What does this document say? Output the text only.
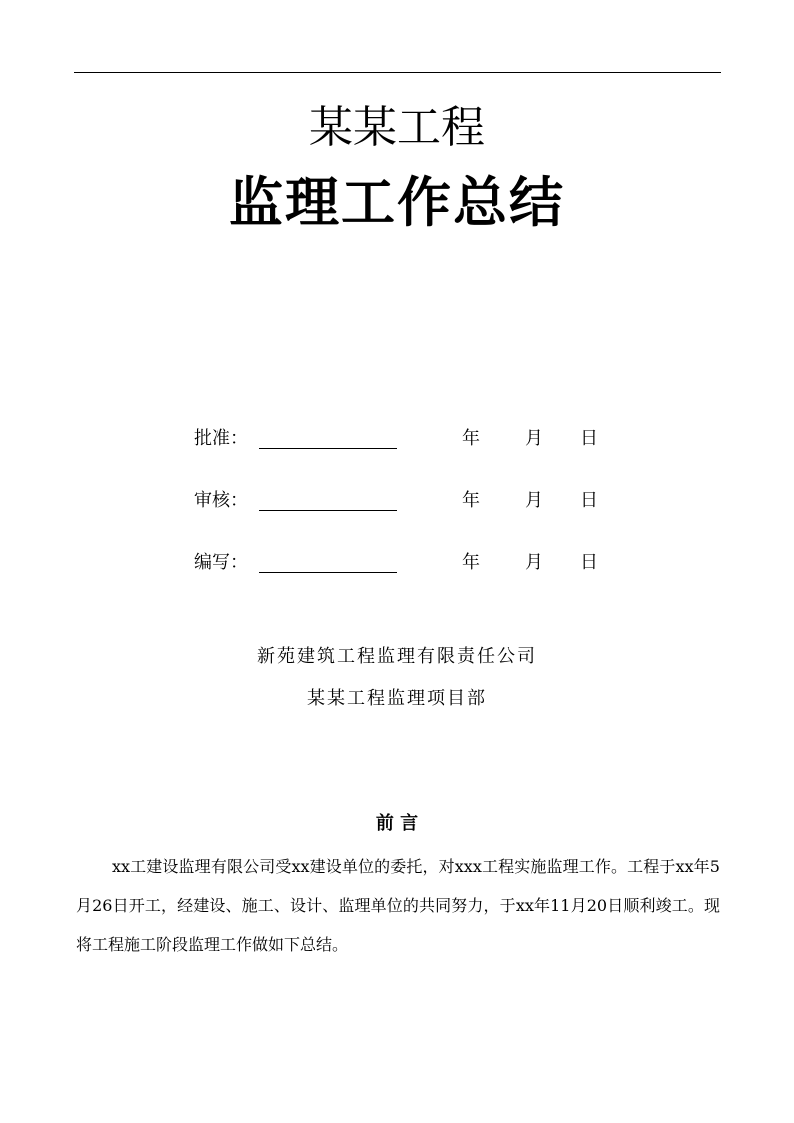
某某工程
监理工作总结
批准：	年	月 日
审核：	年	月 日
编写：	年	月 日
新苑建筑工程监理有限责任公司
某某工程监理项目部
前 言
xx工建设监理有限公司受xx建设单位的委托，对xxx工程实施监理工作。工程于xx年5月26日开工，经建设、施工、设计、监理单位的共同努力，于xx年11月20日顺利竣工。现将工程施工阶段监理工作做如下总结。
